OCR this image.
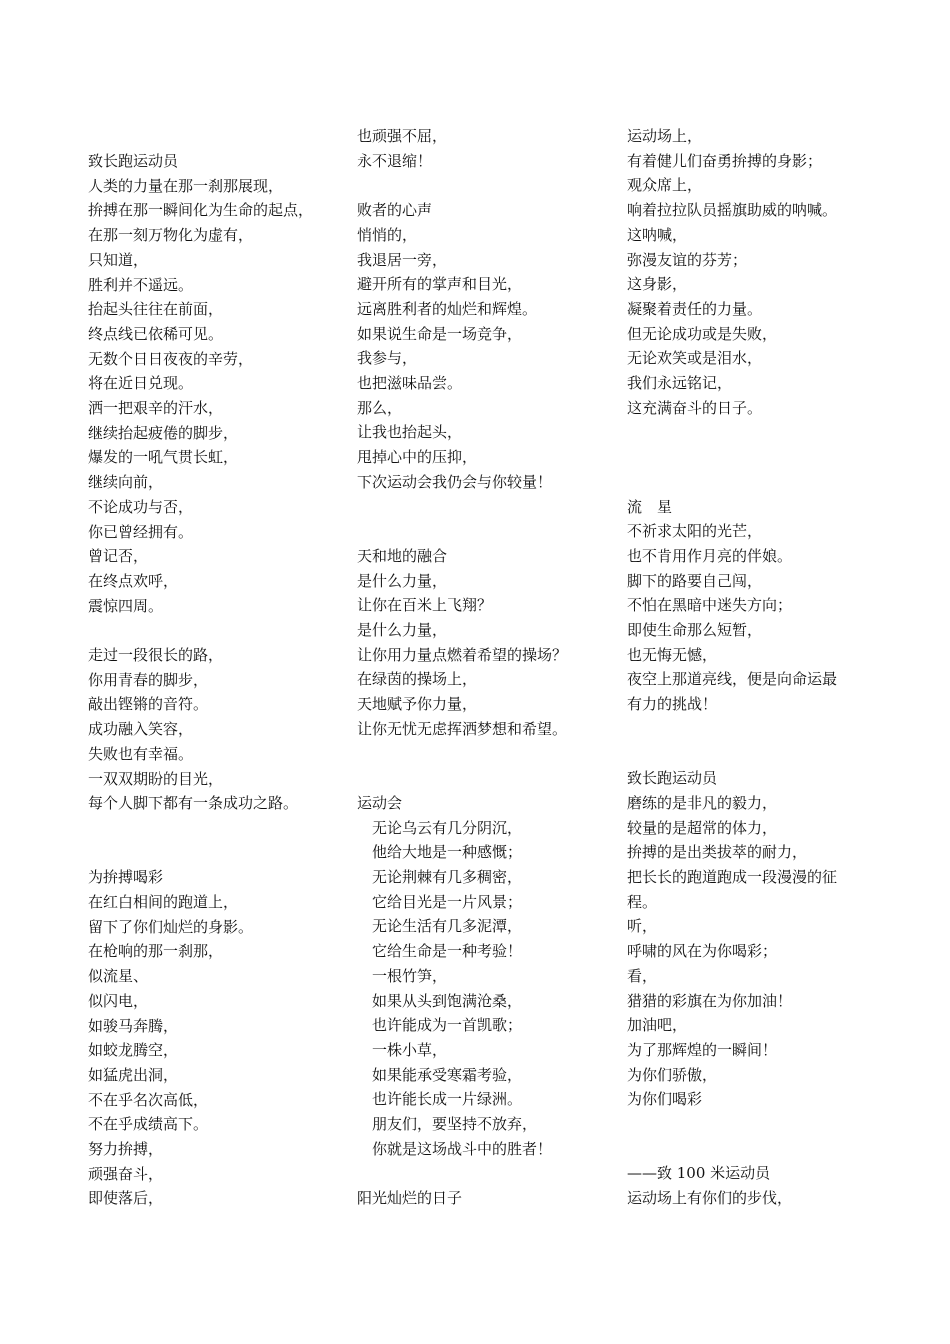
致长跑运动员
人类的力量在那一刹那展现，
拚搏在那一瞬间化为生命的起点，
在那一刻万物化为虚有，
只知道，
胜利并不遥远。
抬起头往往在前面，
终点线已依稀可见。
无数个日日夜夜的辛劳，
将在近日兑现。
洒一把艰辛的汗水，
继续抬起疲倦的脚步，
爆发的一吼气贯长虹，
继续向前，
不论成功与否，
你已曾经拥有。
曾记否，
在终点欢呼，
震惊四周。
走过一段很长的路，
你用青春的脚步，
敲出铿锵的音符。
成功融入笑容，
失败也有幸福。
一双双期盼的目光，
每个人脚下都有一条成功之路。
为拚搏喝彩
在红白相间的跑道上，
留下了你们灿烂的身影。
在枪响的那一刹那，
似流星、
似闪电，
如骏马奔腾，
如蛟龙腾空，
如猛虎出洞，
不在乎名次高低，
不在乎成绩高下。
努力拚搏，
顽强奋斗，
即使落后，
也顽强不屈，
永不退缩！
败者的心声
悄悄的，
我退居一旁，
避开所有的掌声和目光，
远离胜利者的灿烂和辉煌。
如果说生命是一场竞争，
我参与，
也把滋味品尝。
那么，
让我也抬起头，
甩掉心中的压抑，
下次运动会我仍会与你较量！
天和地的融合
是什么力量，
让你在百米上飞翔？
是什么力量，
让你用力量点燃着希望的操场？
在绿茵的操场上，
天地赋予你力量，
让你无忧无虑挥洒梦想和希望。
运动会
　无论乌云有几分阴沉，
　他给大地是一种感慨；
　无论荆棘有几多稠密，
　它给目光是一片风景；
　无论生活有几多泥潭，
　它给生命是一种考验！
　一根竹笋，
　如果从头到饱满沧桑，
　也许能成为一首凯歌；
　一株小草，
　如果能承受寒霜考验，
　也许能长成一片绿洲。
　朋友们，要坚持不放弃，
　你就是这场战斗中的胜者！
阳光灿烂的日子
运动场上，
有着健儿们奋勇拚搏的身影；
观众席上，
响着拉拉队员摇旗助威的呐喊。
这呐喊，
弥漫友谊的芬芳；
这身影，
凝聚着责任的力量。
但无论成功或是失败，
无论欢笑或是泪水，
我们永远铭记，
这充满奋斗的日子。
流　星
不祈求太阳的光芒，
也不肯用作月亮的伴娘。
脚下的路要自己闯，
不怕在黑暗中迷失方向；
即使生命那么短暂，
也无悔无憾，
夜空上那道亮线，便是向命运最
有力的挑战！
致长跑运动员
磨练的是非凡的毅力，
较量的是超常的体力，
拚搏的是出类拔萃的耐力，
把长长的跑道跑成一段漫漫的征
程。
听，
呼啸的风在为你喝彩；
看，
猎猎的彩旗在为你加油！
加油吧，
为了那辉煌的一瞬间！
为你们骄傲，
为你们喝彩
——致 100 米运动员
运动场上有你们的步伐，
